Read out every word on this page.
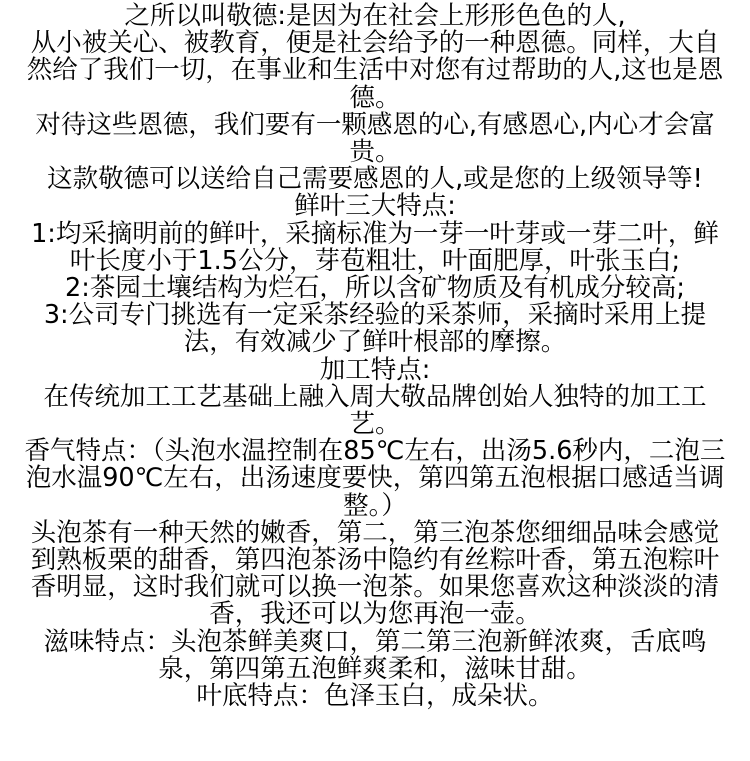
之所以叫敬德:是因为在社会上形形色色的人,
从小被关心、被教育，便是社会给予的一种恩德。同样，大自
然给了我们一切，在事业和生活中对您有过帮助的人,这也是恩
德。
对待这些恩德，我们要有一颗感恩的心,有感恩心,内心才会富
贵。
这款敬德可以送给自己需要感恩的人,或是您的上级领导等!
鲜叶三大特点:
1:均采摘明前的鲜叶，采摘标准为一芽一叶芽或一芽二叶，鲜
叶长度小于1.5公分，芽苞粗壮，叶面肥厚，叶张玉白;
2:茶园土壤结构为烂石，所以含矿物质及有机成分较高;
3:公司专门挑选有一定采茶经验的采茶师，采摘时采用上提
法，有效减少了鲜叶根部的摩擦。
加工特点:
在传统加工工艺基础上融入周大敬品牌创始人独特的加工工
艺。
香气特点：（头泡水温控制在85℃左右，出汤5.6秒内，二泡三
泡水温90℃左右，出汤速度要快，第四第五泡根据口感适当调
整。）
头泡茶有一种天然的嫩香，第二，第三泡茶您细细品味会感觉
到熟板栗的甜香，第四泡茶汤中隐约有丝粽叶香，第五泡粽叶
香明显，这时我们就可以换一泡茶。如果您喜欢这种淡淡的清
香，我还可以为您再泡一壶。
滋味特点：头泡茶鲜美爽口，第二第三泡新鲜浓爽，舌底鸣
泉，第四第五泡鲜爽柔和，滋味甘甜。
叶底特点：色泽玉白，成朵状。
